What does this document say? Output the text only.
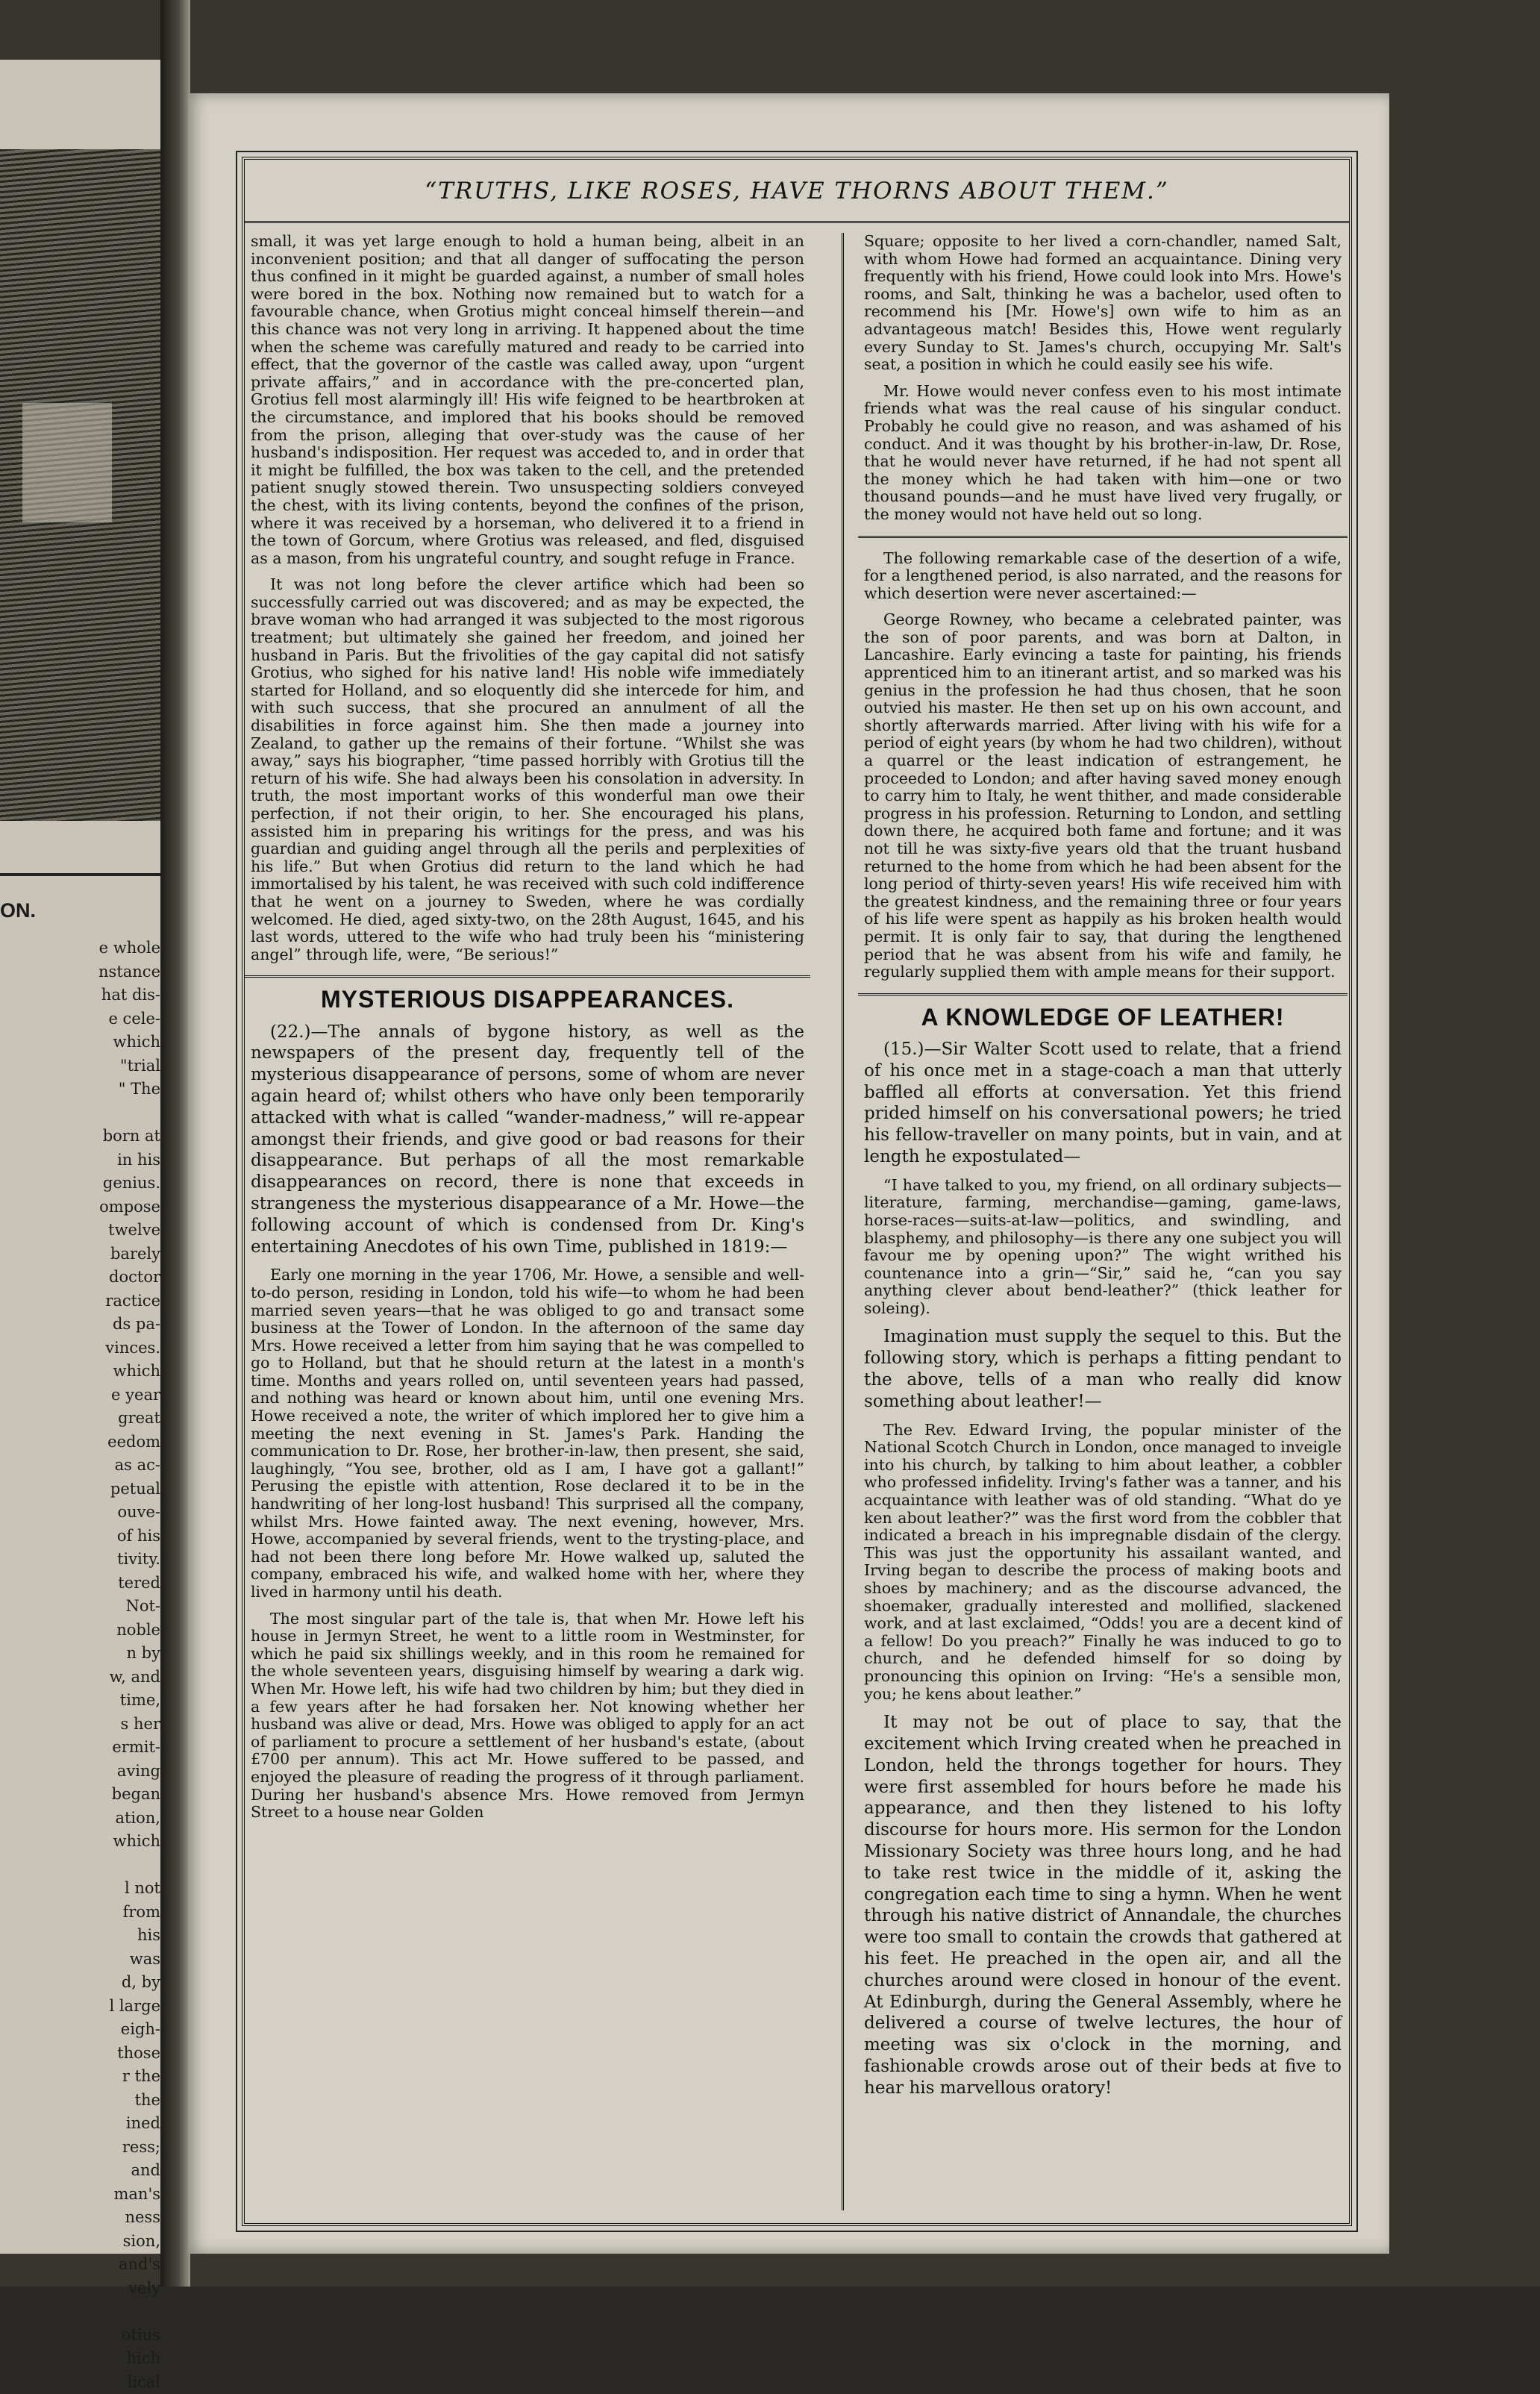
ON.
e whole
nstance
hat dis-
e cele-
which
"trial
" The

born at
in his
genius.
ompose
twelve
barely
doctor
ractice
ds pa-
vinces.
which
e year
great
eedom
as ac-
petual
ouve-
of his
tivity.
tered
Not-
noble
n by
w, and
time,
s her
ermit-
aving
began
ation,
which

l not
from
his
was
d, by
l large
eigh-
those
r the
the
ined
ress;
and
man's
ness
sion,
and's
vely

otius
hich
lical
“TRUTHS, LIKE ROSES, HAVE THORNS ABOUT THEM.”

small, it was yet large enough to hold a human being, albeit in an inconvenient position; and that all danger of suffocating the person thus confined in it might be guarded against, a number of small holes were bored in the box. Nothing now remained but to watch for a favourable chance, when Grotius might conceal himself therein—and this chance was not very long in arriving. It happened about the time when the scheme was carefully matured and ready to be carried into effect, that the governor of the castle was called away, upon “urgent private affairs,” and in accordance with the pre-concerted plan, Grotius fell most alarmingly ill! His wife feigned to be heartbroken at the circumstance, and implored that his books should be removed from the prison, alleging that over-study was the cause of her husband's indisposition. Her request was acceded to, and in order that it might be fulfilled, the box was taken to the cell, and the pretended patient snugly stowed therein. Two unsuspecting soldiers conveyed the chest, with its living contents, beyond the confines of the prison, where it was received by a horseman, who delivered it to a friend in the town of Gorcum, where Grotius was released, and fled, disguised as a mason, from his ungrateful country, and sought refuge in France.

It was not long before the clever artifice which had been so successfully carried out was discovered; and as may be expected, the brave woman who had arranged it was subjected to the most rigorous treatment; but ultimately she gained her freedom, and joined her husband in Paris. But the frivolities of the gay capital did not satisfy Grotius, who sighed for his native land! His noble wife immediately started for Holland, and so eloquently did she intercede for him, and with such success, that she procured an annulment of all the disabilities in force against him. She then made a journey into Zealand, to gather up the remains of their fortune. “Whilst she was away,” says his biographer, “time passed horribly with Grotius till the return of his wife. She had always been his consolation in adversity. In truth, the most important works of this wonderful man owe their perfection, if not their origin, to her. She encouraged his plans, assisted him in preparing his writings for the press, and was his guardian and guiding angel through all the perils and perplexities of his life.” But when Grotius did return to the land which he had immortalised by his talent, he was received with such cold indifference that he went on a journey to Sweden, where he was cordially welcomed. He died, aged sixty-two, on the 28th August, 1645, and his last words, uttered to the wife who had truly been his “ministering angel” through life, were, “Be serious!”

MYSTERIOUS DISAPPEARANCES.

(22.)—The annals of bygone history, as well as the newspapers of the present day, frequently tell of the mysterious disappearance of persons, some of whom are never again heard of; whilst others who have only been temporarily attacked with what is called “wander-madness,” will re-appear amongst their friends, and give good or bad reasons for their disappearance. But perhaps of all the most remarkable disappearances on record, there is none that exceeds in strangeness the mysterious disappearance of a Mr. Howe—the following account of which is condensed from Dr. King's entertaining Anecdotes of his own Time, published in 1819:—

Early one morning in the year 1706, Mr. Howe, a sensible and well-to-do person, residing in London, told his wife—to whom he had been married seven years—that he was obliged to go and transact some business at the Tower of London. In the afternoon of the same day Mrs. Howe received a letter from him saying that he was compelled to go to Holland, but that he should return at the latest in a month's time. Months and years rolled on, until seventeen years had passed, and nothing was heard or known about him, until one evening Mrs. Howe received a note, the writer of which implored her to give him a meeting the next evening in St. James's Park. Handing the communication to Dr. Rose, her brother-in-law, then present, she said, laughingly, “You see, brother, old as I am, I have got a gallant!” Perusing the epistle with attention, Rose declared it to be in the handwriting of her long-lost husband! This surprised all the company, whilst Mrs. Howe fainted away. The next evening, however, Mrs. Howe, accompanied by several friends, went to the trysting-place, and had not been there long before Mr. Howe walked up, saluted the company, embraced his wife, and walked home with her, where they lived in harmony until his death.

The most singular part of the tale is, that when Mr. Howe left his house in Jermyn Street, he went to a little room in Westminster, for which he paid six shillings weekly, and in this room he remained for the whole seventeen years, disguising himself by wearing a dark wig. When Mr. Howe left, his wife had two children by him; but they died in a few years after he had forsaken her. Not knowing whether her husband was alive or dead, Mrs. Howe was obliged to apply for an act of parliament to procure a settlement of her husband's estate, (about £700 per annum). This act Mr. Howe suffered to be passed, and enjoyed the pleasure of reading the progress of it through parliament. During her husband's absence Mrs. Howe removed from Jermyn Street to a house near Golden

Square; opposite to her lived a corn-chandler, named Salt, with whom Howe had formed an acquaintance. Dining very frequently with his friend, Howe could look into Mrs. Howe's rooms, and Salt, thinking he was a bachelor, used often to recommend his [Mr. Howe's] own wife to him as an advantageous match! Besides this, Howe went regularly every Sunday to St. James's church, occupying Mr. Salt's seat, a position in which he could easily see his wife.

Mr. Howe would never confess even to his most intimate friends what was the real cause of his singular conduct. Probably he could give no reason, and was ashamed of his conduct. And it was thought by his brother-in-law, Dr. Rose, that he would never have returned, if he had not spent all the money which he had taken with him—one or two thousand pounds—and he must have lived very frugally, or the money would not have held out so long.

The following remarkable case of the desertion of a wife, for a lengthened period, is also narrated, and the reasons for which desertion were never ascertained:—

George Rowney, who became a celebrated painter, was the son of poor parents, and was born at Dalton, in Lancashire. Early evincing a taste for painting, his friends apprenticed him to an itinerant artist, and so marked was his genius in the profession he had thus chosen, that he soon outvied his master. He then set up on his own account, and shortly afterwards married. After living with his wife for a period of eight years (by whom he had two children), without a quarrel or the least indication of estrangement, he proceeded to London; and after having saved money enough to carry him to Italy, he went thither, and made considerable progress in his profession. Returning to London, and settling down there, he acquired both fame and fortune; and it was not till he was sixty-five years old that the truant husband returned to the home from which he had been absent for the long period of thirty-seven years! His wife received him with the greatest kindness, and the remaining three or four years of his life were spent as happily as his broken health would permit. It is only fair to say, that during the lengthened period that he was absent from his wife and family, he regularly supplied them with ample means for their support.

A KNOWLEDGE OF LEATHER!

(15.)—Sir Walter Scott used to relate, that a friend of his once met in a stage-coach a man that utterly baffled all efforts at conversation. Yet this friend prided himself on his conversational powers; he tried his fellow-traveller on many points, but in vain, and at length he expostulated—

“I have talked to you, my friend, on all ordinary subjects—literature, farming, merchandise—gaming, game-laws, horse-races—suits-at-law—politics, and swindling, and blasphemy, and philosophy—is there any one subject you will favour me by opening upon?” The wight writhed his countenance into a grin—“Sir,” said he, “can you say anything clever about bend-leather?” (thick leather for soleing).

Imagination must supply the sequel to this. But the following story, which is perhaps a fitting pendant to the above, tells of a man who really did know something about leather!—

The Rev. Edward Irving, the popular minister of the National Scotch Church in London, once managed to inveigle into his church, by talking to him about leather, a cobbler who professed infidelity. Irving's father was a tanner, and his acquaintance with leather was of old standing. “What do ye ken about leather?” was the first word from the cobbler that indicated a breach in his impregnable disdain of the clergy. This was just the opportunity his assailant wanted, and Irving began to describe the process of making boots and shoes by machinery; and as the discourse advanced, the shoemaker, gradually interested and mollified, slackened work, and at last exclaimed, “Odds! you are a decent kind of a fellow! Do you preach?” Finally he was induced to go to church, and he defended himself for so doing by pronouncing this opinion on Irving: “He's a sensible mon, you; he kens about leather.”

It may not be out of place to say, that the excitement which Irving created when he preached in London, held the throngs together for hours. They were first assembled for hours before he made his appearance, and then they listened to his lofty discourse for hours more. His sermon for the London Missionary Society was three hours long, and he had to take rest twice in the middle of it, asking the congregation each time to sing a hymn. When he went through his native district of Annandale, the churches were too small to contain the crowds that gathered at his feet. He preached in the open air, and all the churches around were closed in honour of the event. At Edinburgh, during the General Assembly, where he delivered a course of twelve lectures, the hour of meeting was six o'clock in the morning, and fashionable crowds arose out of their beds at five to hear his marvellous oratory!
